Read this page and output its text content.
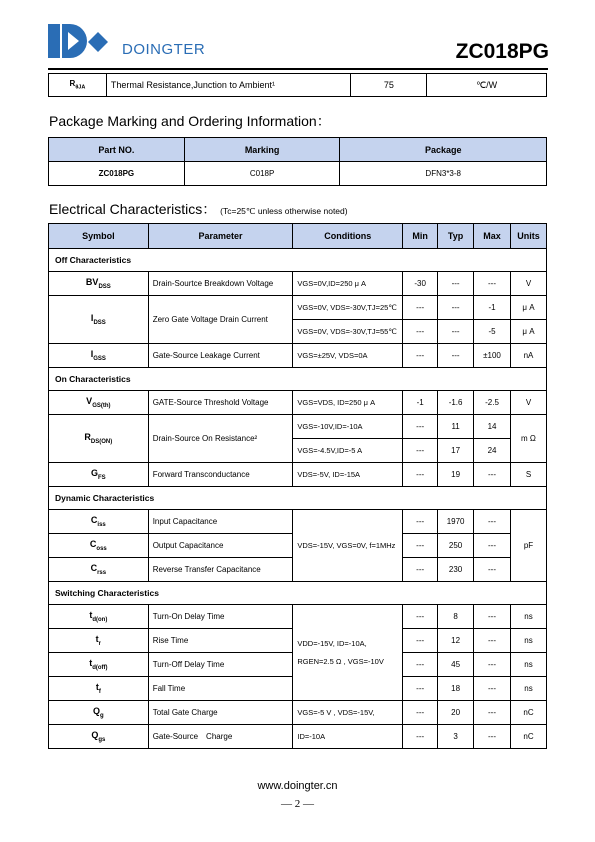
DOINGTER	ZC018PG
$R_{\theta JA}$	Thermal Resistance,Junction to Ambient¹	75	℃/W
Package Marking and Ordering Information：
Part NO.	Marking	Package
ZC018PG	C018P	DFN3*3-8
Electrical Characteristics： (Tc=25℃ unless otherwise noted)
Symbol	Parameter	Conditions	Min	Typ	Max	Units
Off Characteristics						
$BV_{DSS}$	Drain-Sourtce Breakdown Voltage	VGS=0V,ID=250 μ A	-30	---	---	V
$I_{DSS}$	Zero Gate Voltage Drain Current	VGS=0V, VDS=-30V,TJ=25℃	---	---	-1	μ A
		VGS=0V, VDS=-30V,TJ=55℃	---	---	-5	μ A
$I_{GSS}$	Gate-Source Leakage Current	VGS=±25V, VDS=0A	---	---	±100	nA
On Characteristics						
$V_{GS(th)}$	GATE-Source Threshold Voltage	VGS=VDS, ID=250 μ A	-1	-1.6	-2.5	V
$R_{DS(ON)}$	Drain-Source On Resistance²	VGS=-10V,ID=-10A	---	11	14	m Ω
		VGS=-4.5V,ID=-5 A	---	17	24	
$G_{FS}$	Forward Transconductance	VDS=-5V, ID=-15A	---	19	---	S
Dynamic Characteristics						
$C_{iss}$	Input Capacitance	VDS=-15V, VGS=0V, f=1MHz	---	1970	---	pF
$C_{oss}$	Output Capacitance		---	250	---	
$C_{rss}$	Reverse Transfer Capacitance		---	230	---	
Switching Characteristics						
$t_{d(on)}$	Turn-On Delay Time	VDD=-15V, ID=-10A,

RGEN=2.5 Ω , VGS=-10V	---	8	---	ns
$t_r$	Rise Time		---	12	---	ns
$t_{d(off)}$	Turn-Off Delay Time		---	45	---	ns
$t_f$	Fall Time		---	18	---	ns
$Q_g$	Total Gate Charge	VGS=-5 V , VDS=-15V,	---	20	---	nC
$Q_{gs}$	Gate-Source　Charge	ID=-10A	---	3	---	nC
www.doingter.cn
— 2 —
